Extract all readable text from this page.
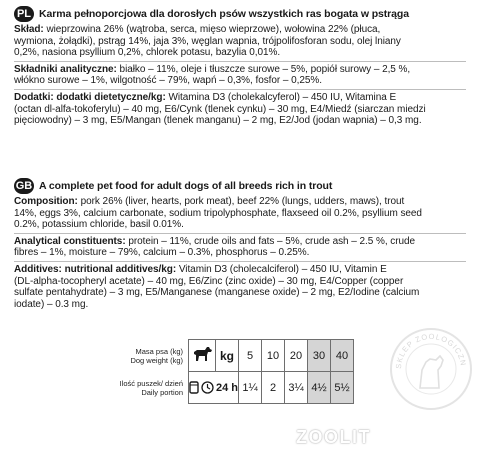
PL Karma pełnoporcjowa dla dorosłych psów wszystkich ras bogata w pstrąga
Skład: wieprzowina 26% (wątroba, serca, mięso wieprzowe), wołowina 22% (płuca,
wymiona, żołądki), pstrąg 14%, jaja 3%, węglan wapnia, trójpolifosforan sodu, olej lniany
0,2%, nasiona psyllium 0,2%, chlorek potasu, bazylia 0,01%.
Składniki analityczne: białko – 11%, oleje i tłuszcze surowe – 5%, popiół surowy – 2,5 %,
włókno surowe – 1%, wilgotność – 79%, wapń – 0,3%, fosfor – 0,25%.
Dodatki: dodatki dietetyczne/kg: Witamina D3 (cholekalcyferol) – 450 IU, Witamina E
(octan dl-alfa-tokoferylu) – 40 mg, E6/Cynk (tlenek cynku) – 30 mg, E4/Miedź (siarczan miedzi
pięciowodny) – 3 mg, E5/Mangan (tlenek manganu) – 2 mg, E2/Jod (jodan wapnia) – 0,3 mg.
GB A complete pet food for adult dogs of all breeds rich in trout
Composition: pork 26% (liver, hearts, pork meat), beef 22% (lungs, udders, maws), trout
14%, eggs 3%, calcium carbonate, sodium tripolyphosphate, flaxseed oil 0.2%, psyllium seed
0.2%, potassium chloride, basil 0.01%.
Analytical constituents: protein – 11%, crude oils and fats – 5%, crude ash – 2.5 %, crude
fibres – 1%, moisture – 79%, calcium – 0.3%, phosphorus – 0.25%.
Additives: nutritional additives/kg: Vitamin D3 (cholecalciferol) – 450 IU, Vitamin E
(DL-alpha-tocopheryl acetate) – 40 mg, E6/Zinc (zinc oxide) – 30 mg, E4/Copper (copper
sulfate pentahydrate) – 3 mg, E5/Manganese (manganese oxide) – 2 mg, E2/Iodine (calcium
iodate) – 0.3 mg.
Masa psa (kg)
Dog weight (kg)		kg	5	10	20	30	40

Ilość puszek/ dzień
Daily portion	24 h		1¼	2	3¼	4½	5½
SKLEP ZOOLOGICZN
ZOOLIT
